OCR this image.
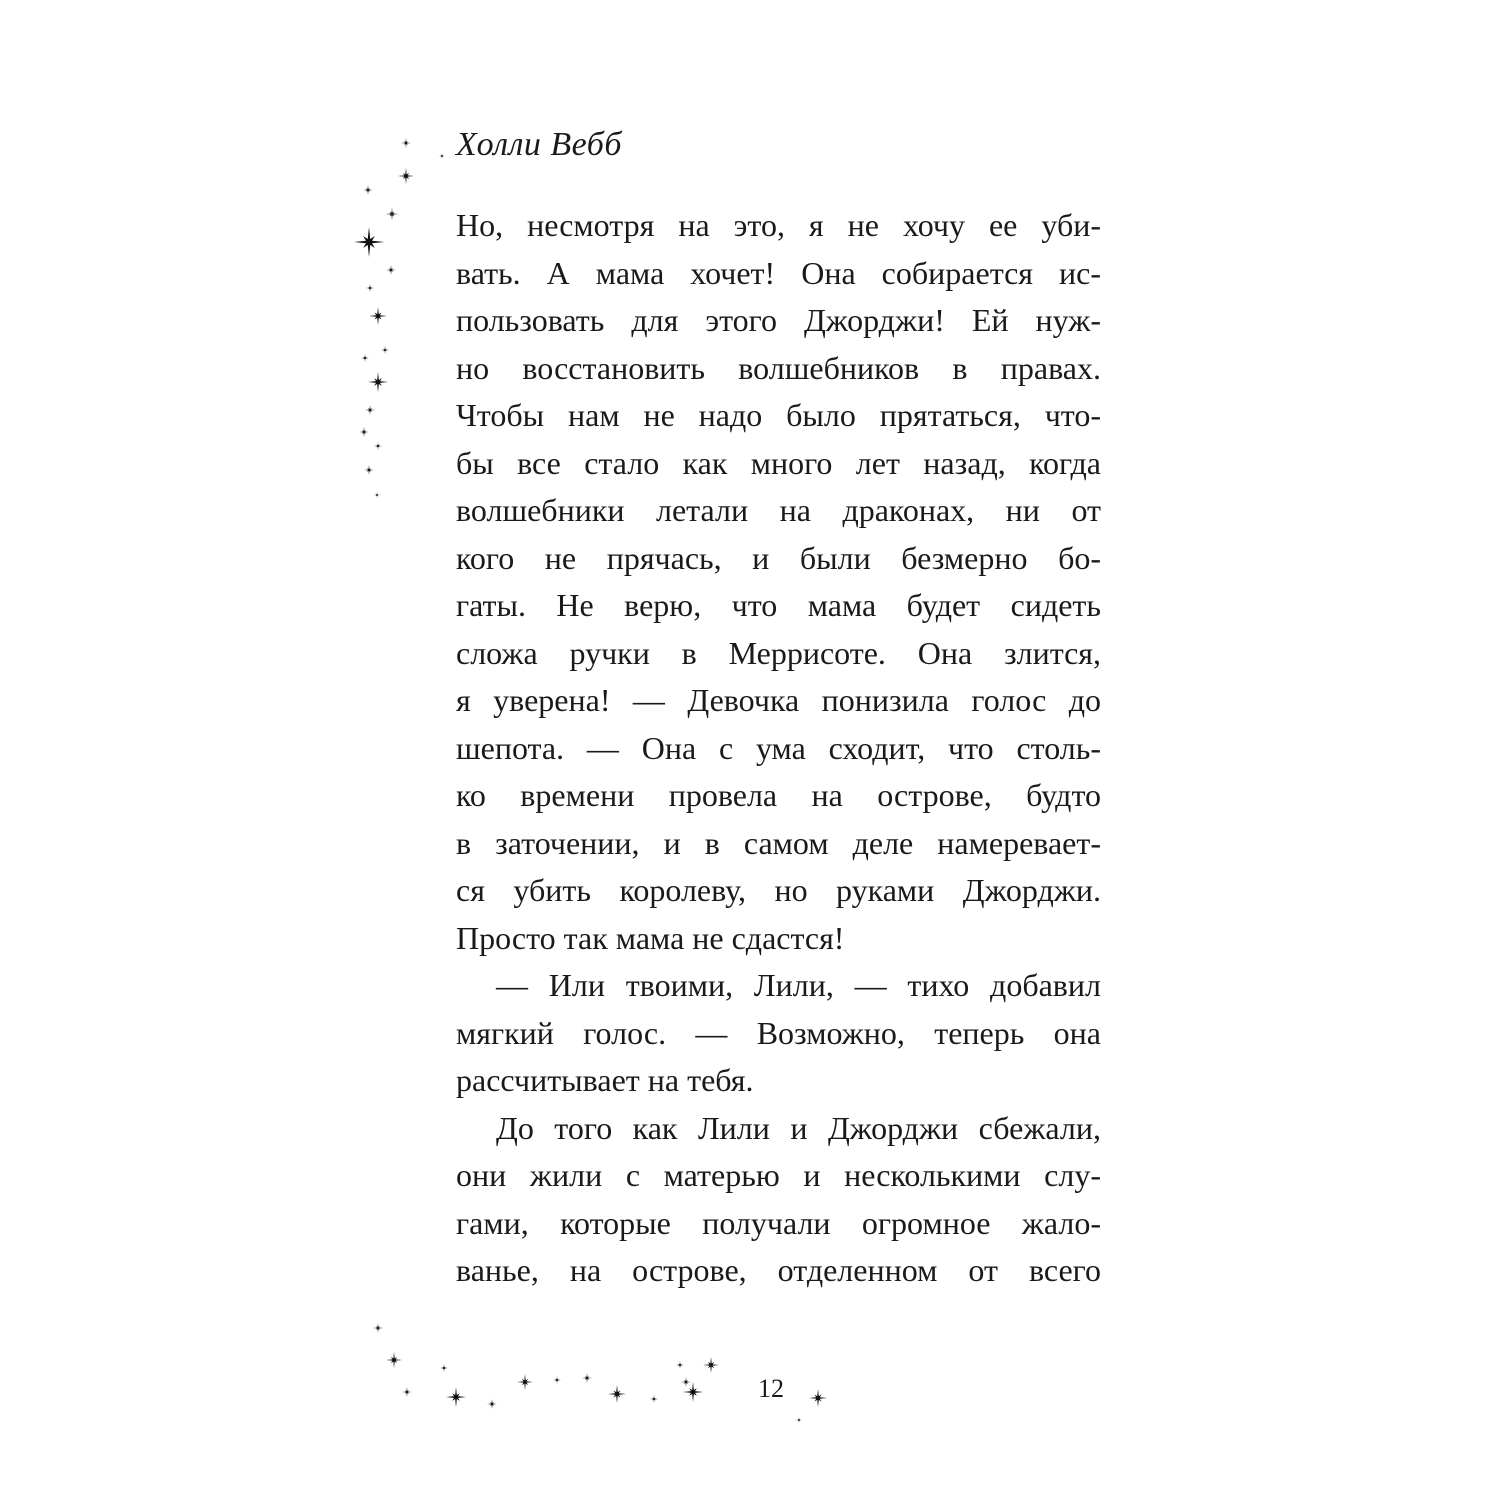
Холли Вебб
Но, несмотря на это, я не хочу ее уби-
вать. А мама хочет! Она собирается ис-
пользовать для этого Джорджи! Ей нуж-
но восстановить волшебников в правах.
Чтобы нам не надо было прятаться, что-
бы все стало как много лет назад, когда
волшебники летали на драконах, ни от
кого не прячась, и были безмерно бо-
гаты. Не верю, что мама будет сидеть
сложа ручки в Меррисоте. Она злится,
я уверена! — Девочка понизила голос до
шепота. — Она с ума сходит, что столь-
ко времени провела на острове, будто
в заточении, и в самом деле намеревает-
ся убить королеву, но руками Джорджи.
Просто так мама не сдастся!
— Или твоими, Лили, — тихо добавил
мягкий голос. — Возможно, теперь она
рассчитывает на тебя.
До того как Лили и Джорджи сбежали,
они жили с матерью и несколькими слу-
гами, которые получали огромное жало-
ванье, на острове, отделенном от всего
12
